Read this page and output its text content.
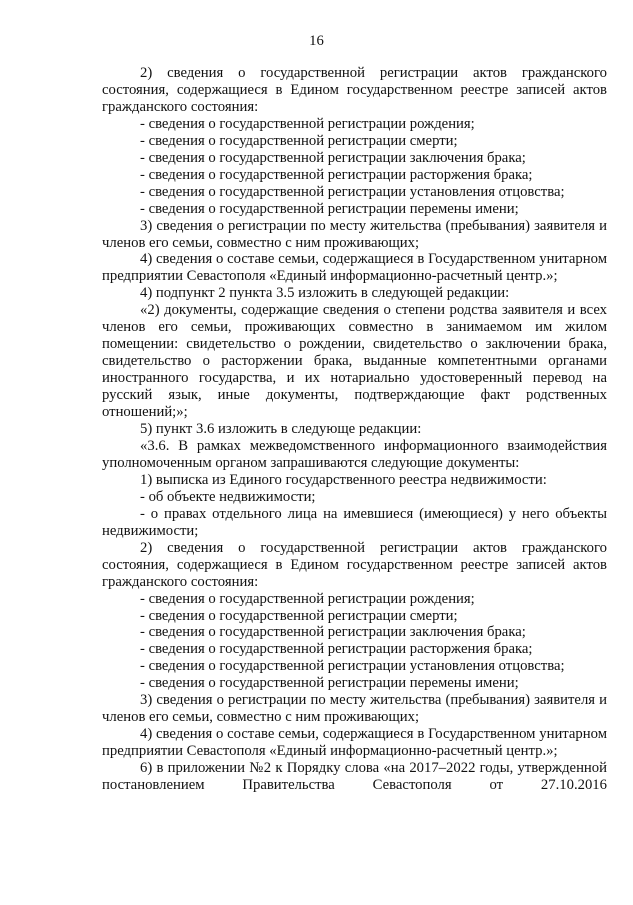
16

2) сведения о государственной регистрации актов гражданского состояния, содержащиеся в Едином государственном реестре записей актов гражданского состояния:

- сведения о государственной регистрации рождения;

- сведения о государственной регистрации смерти;

- сведения о государственной регистрации заключения брака;

- сведения о государственной регистрации расторжения брака;

- сведения о государственной регистрации установления отцовства;

- сведения о государственной регистрации перемены имени;

3) сведения о регистрации по месту жительства (пребывания) заявителя и членов его семьи, совместно с ним проживающих;

4) сведения о составе семьи, содержащиеся в Государственном унитарном предприятии Севастополя «Единый информационно-расчетный центр.»;

4) подпункт 2 пункта 3.5 изложить в следующей редакции:

«2) документы, содержащие сведения о степени родства заявителя и всех членов его семьи, проживающих совместно в занимаемом им жилом помещении: свидетельство о рождении, свидетельство о заключении брака, свидетельство о расторжении брака, выданные компетентными органами иностранного государства, и их нотариально удостоверенный перевод на русский язык, иные документы, подтверждающие факт родственных отношений;»;

5) пункт 3.6 изложить в следующе редакции:

«3.6. В рамках межведомственного информационного взаимодействия уполномоченным органом запрашиваются следующие документы:

1) выписка из Единого государственного реестра недвижимости:

- об объекте недвижимости;

- о правах отдельного лица на имевшиеся (имеющиеся) у него объекты недвижимости;

2) сведения о государственной регистрации актов гражданского состояния, содержащиеся в Едином государственном реестре записей актов гражданского состояния:

- сведения о государственной регистрации рождения;

- сведения о государственной регистрации смерти;

- сведения о государственной регистрации заключения брака;

- сведения о государственной регистрации расторжения брака;

- сведения о государственной регистрации установления отцовства;

- сведения о государственной регистрации перемены имени;

3) сведения о регистрации по месту жительства (пребывания) заявителя и членов его семьи, совместно с ним проживающих;

4) сведения о составе семьи, содержащиеся в Государственном унитарном предприятии Севастополя «Единый информационно-расчетный центр.»;

6) в приложении №2 к Порядку слова «на 2017–2022 годы, утвержденной постановлением Правительства Севастополя от 27.10.2016
